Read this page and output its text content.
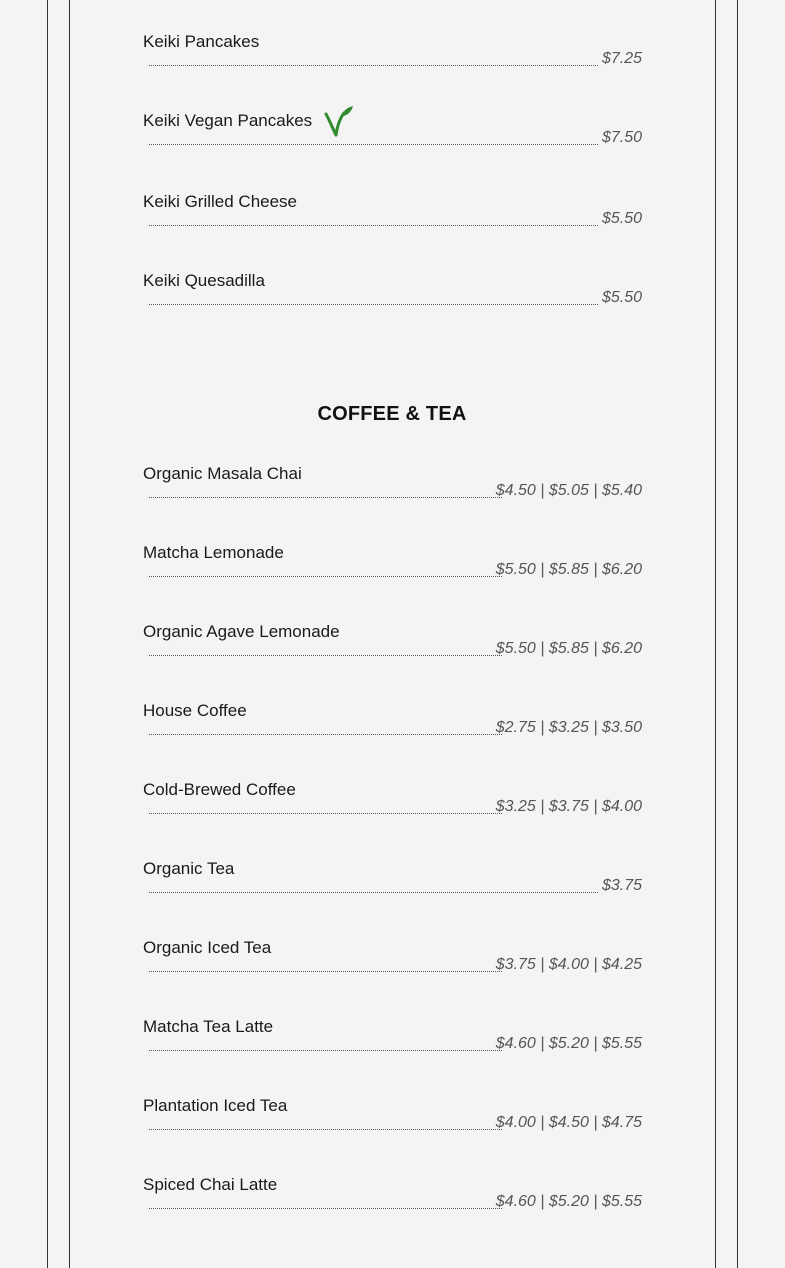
Keiki Pancakes
$7.25
Keiki Vegan Pancakes
$7.50
Keiki Grilled Cheese
$5.50
Keiki Quesadilla
$5.50
COFFEE & TEA
Organic Masala Chai
$4.50 | $5.05 | $5.40
Matcha Lemonade
$5.50 | $5.85 | $6.20
Organic Agave Lemonade
$5.50 | $5.85 | $6.20
House Coffee
$2.75 | $3.25 | $3.50
Cold-Brewed Coffee
$3.25 | $3.75 | $4.00
Organic Tea
$3.75
Organic Iced Tea
$3.75 | $4.00 | $4.25
Matcha Tea Latte
$4.60 | $5.20 | $5.55
Plantation Iced Tea
$4.00 | $4.50 | $4.75
Spiced Chai Latte
$4.60 | $5.20 | $5.55
